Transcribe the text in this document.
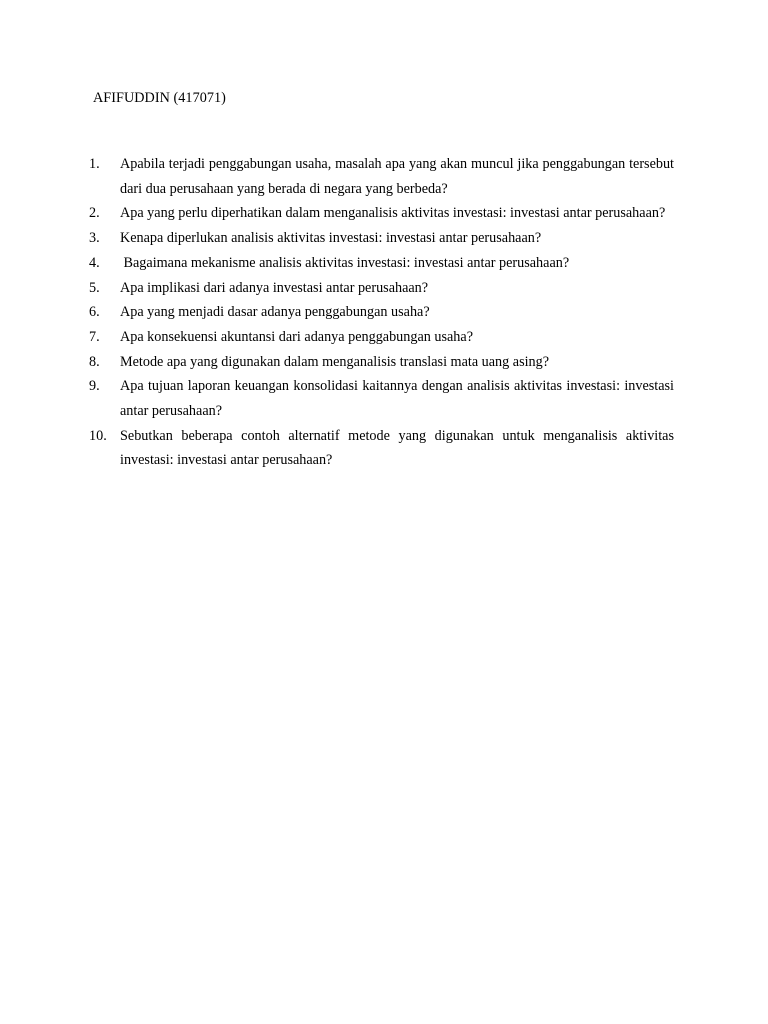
AFIFUDDIN (417071)
1.	Apabila terjadi penggabungan usaha, masalah apa yang akan muncul jika penggabungan tersebut dari dua perusahaan yang berada di negara yang berbeda?
2.	Apa yang perlu diperhatikan dalam menganalisis aktivitas investasi: investasi antar perusahaan?
3.	Kenapa diperlukan analisis aktivitas investasi: investasi antar perusahaan?
4.	Bagaimana mekanisme analisis aktivitas investasi: investasi antar perusahaan?
5.	Apa implikasi dari adanya investasi antar perusahaan?
6.	Apa yang menjadi dasar adanya penggabungan usaha?
7.	Apa konsekuensi akuntansi dari adanya penggabungan usaha?
8.	Metode apa yang digunakan dalam menganalisis translasi mata uang asing?
9.	Apa tujuan laporan keuangan konsolidasi kaitannya dengan analisis aktivitas investasi: investasi antar perusahaan?
10. Sebutkan beberapa contoh alternatif metode yang digunakan untuk menganalisis aktivitas investasi: investasi antar perusahaan?
